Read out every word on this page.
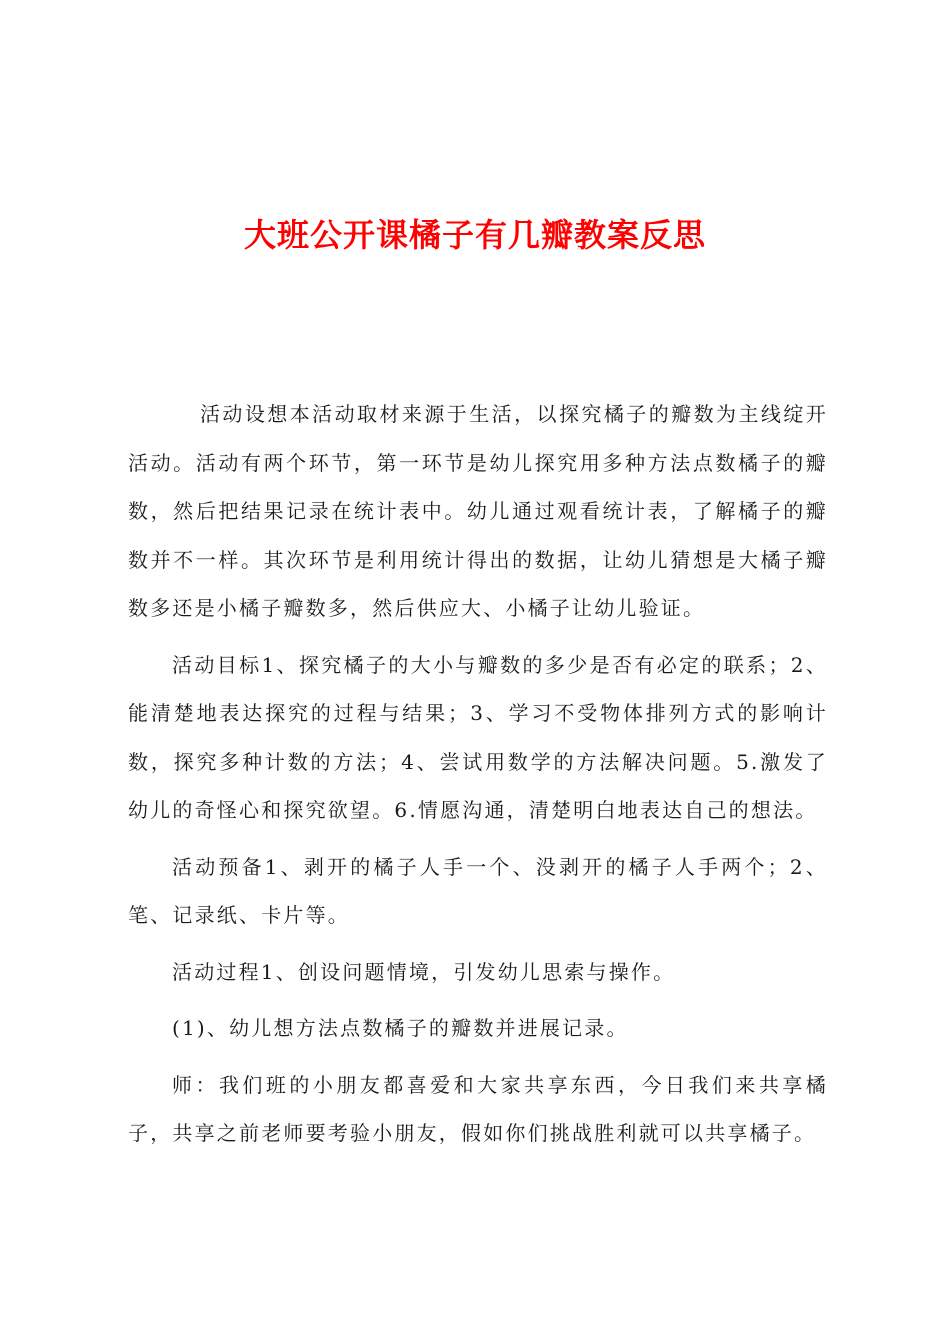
大班公开课橘子有几瓣教案反思

活动设想本活动取材来源于生活，以探究橘子的瓣数为主线绽开活动。活动有两个环节，第一环节是幼儿探究用多种方法点数橘子的瓣数，然后把结果记录在统计表中。幼儿通过观看统计表，了解橘子的瓣数并不一样。其次环节是利用统计得出的数据，让幼儿猜想是大橘子瓣数多还是小橘子瓣数多，然后供应大、小橘子让幼儿验证。

活动目标1、探究橘子的大小与瓣数的多少是否有必定的联系；2、能清楚地表达探究的过程与结果；3、学习不受物体排列方式的影响计数，探究多种计数的方法；4、尝试用数学的方法解决问题。5.激发了幼儿的奇怪心和探究欲望。6.情愿沟通，清楚明白地表达自己的想法。

活动预备1、剥开的橘子人手一个、没剥开的橘子人手两个；2、笔、记录纸、卡片等。

活动过程1、创设问题情境，引发幼儿思索与操作。

(1)、幼儿想方法点数橘子的瓣数并进展记录。

师：我们班的小朋友都喜爱和大家共享东西，今日我们来共享橘子，共享之前老师要考验小朋友，假如你们挑战胜利就可以共享橘子。
